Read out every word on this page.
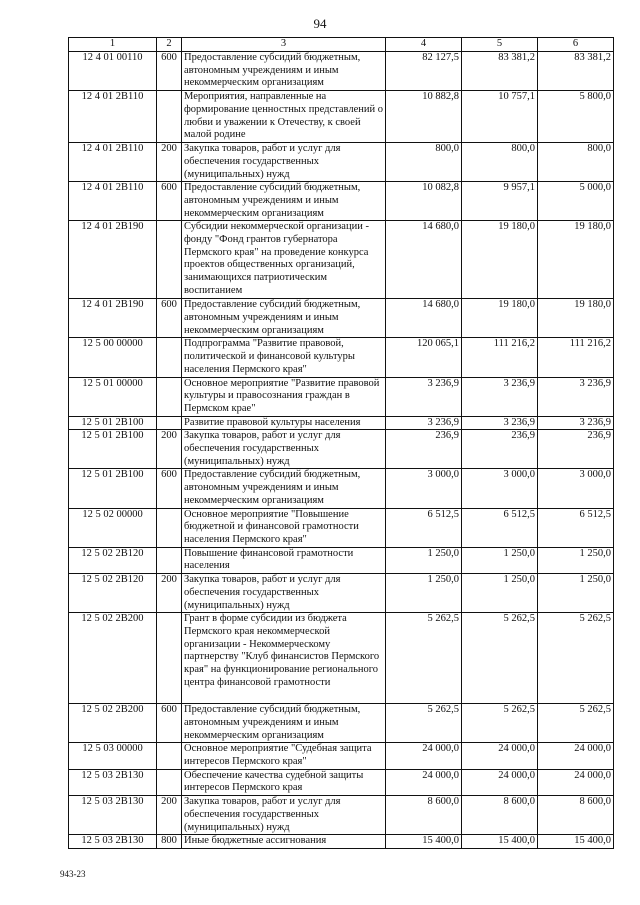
94
1	2	3	4	5	6
12 4 01 00110	600	Предоставление субсидий бюджетным, автономным учреждениям и иным некоммерческим организациям	82 127,5	83 381,2	83 381,2
12 4 01 2В110		Мероприятия, направленные на формирование ценностных представлений о любви и уважении к Отечеству, к своей малой родине	10 882,8	10 757,1	5 800,0
12 4 01 2В110	200	Закупка товаров, работ и услуг для обеспечения государственных (муниципальных) нужд	800,0	800,0	800,0
12 4 01 2В110	600	Предоставление субсидий бюджетным, автономным учреждениям и иным некоммерческим организациям	10 082,8	9 957,1	5 000,0
12 4 01 2В190		Субсидии некоммерческой организации - фонду "Фонд грантов губернатора Пермского края" на проведение конкурса проектов общественных организаций, занимающихся патриотическим воспитанием	14 680,0	19 180,0	19 180,0
12 4 01 2В190	600	Предоставление субсидий бюджетным, автономным учреждениям и иным некоммерческим организациям	14 680,0	19 180,0	19 180,0
12 5 00 00000		Подпрограмма "Развитие правовой, политической и финансовой культуры населения Пермского края"	120 065,1	111 216,2	111 216,2
12 5 01 00000		Основное мероприятие "Развитие правовой культуры и правосознания граждан в Пермском крае"	3 236,9	3 236,9	3 236,9
12 5 01 2В100		Развитие правовой культуры населения	3 236,9	3 236,9	3 236,9
12 5 01 2В100	200	Закупка товаров, работ и услуг для обеспечения государственных (муниципальных) нужд	236,9	236,9	236,9
12 5 01 2В100	600	Предоставление субсидий бюджетным, автономным учреждениям и иным некоммерческим организациям	3 000,0	3 000,0	3 000,0
12 5 02 00000		Основное мероприятие "Повышение бюджетной и финансовой грамотности населения Пермского края"	6 512,5	6 512,5	6 512,5
12 5 02 2В120		Повышение финансовой грамотности населения	1 250,0	1 250,0	1 250,0
12 5 02 2В120	200	Закупка товаров, работ и услуг для обеспечения государственных (муниципальных) нужд	1 250,0	1 250,0	1 250,0
12 5 02 2В200		Грант в форме субсидии из бюджета Пермского края некоммерческой организации - Некоммерческому партнерству "Клуб финансистов Пермского края" на функционирование регионального центра финансовой грамотности	5 262,5	5 262,5	5 262,5
12 5 02 2В200	600	Предоставление субсидий бюджетным, автономным учреждениям и иным некоммерческим организациям	5 262,5	5 262,5	5 262,5
12 5 03 00000		Основное мероприятие "Судебная защита интересов Пермского края"	24 000,0	24 000,0	24 000,0
12 5 03 2В130		Обеспечение качества судебной защиты интересов Пермского края	24 000,0	24 000,0	24 000,0
12 5 03 2В130	200	Закупка товаров, работ и услуг для обеспечения государственных (муниципальных) нужд	8 600,0	8 600,0	8 600,0
12 5 03 2В130	800	Иные бюджетные ассигнования	15 400,0	15 400,0	15 400,0
943-23
